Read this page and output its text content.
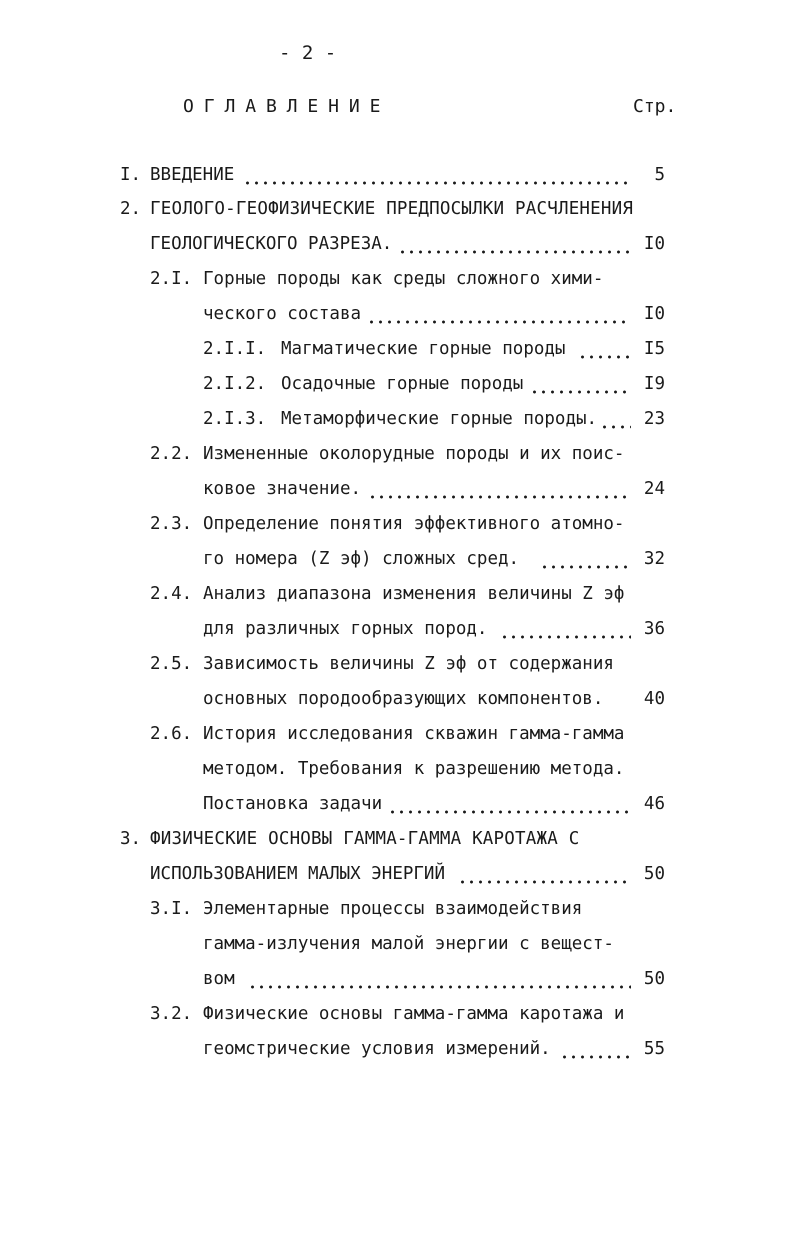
- 2 -
ОГЛАВЛЕНИЕ	Стр.
I. ВВЕДЕНИЕ	5
2. ГЕОЛОГО-ГЕОФИЗИЧЕСКИЕ ПРЕДПОСЫЛКИ РАСЧЛЕНЕНИЯ
ГЕОЛОГИЧЕСКОГО РАЗРЕЗА.	I0
2.I. Горные породы как среды сложного хими-
ческого состава	I0
2.I.I. Магматические горные породы	I5
2.I.2. Осадочные горные породы	I9
2.I.3. Метаморфические горные породы.	23
2.2. Измененные околорудные породы и их поис-
ковое значение.	24
2.3. Определение понятия эффективного атомно-
го номера (Z эф) сложных сред.	32
2.4. Анализ диапазона изменения величины Z эф
для различных горных пород.	36
2.5. Зависимость величины Z эф от содержания
основных породообразующих компонентов.	40
2.6. История исследования скважин гамма-гамма
методом. Требования к разрешению метода.
Постановка задачи	46
3. ФИЗИЧЕСКИЕ ОСНОВЫ ГАММА-ГАММА КАРОТАЖА С
ИСПОЛЬЗОВАНИЕМ МАЛЫХ ЭНЕРГИЙ	50
3.I. Элементарные процессы взаимодействия
гамма-излучения малой энергии с вещест-
вом	50
3.2. Физические основы гамма-гамма каротажа и
геомстрические условия измерений.	55
